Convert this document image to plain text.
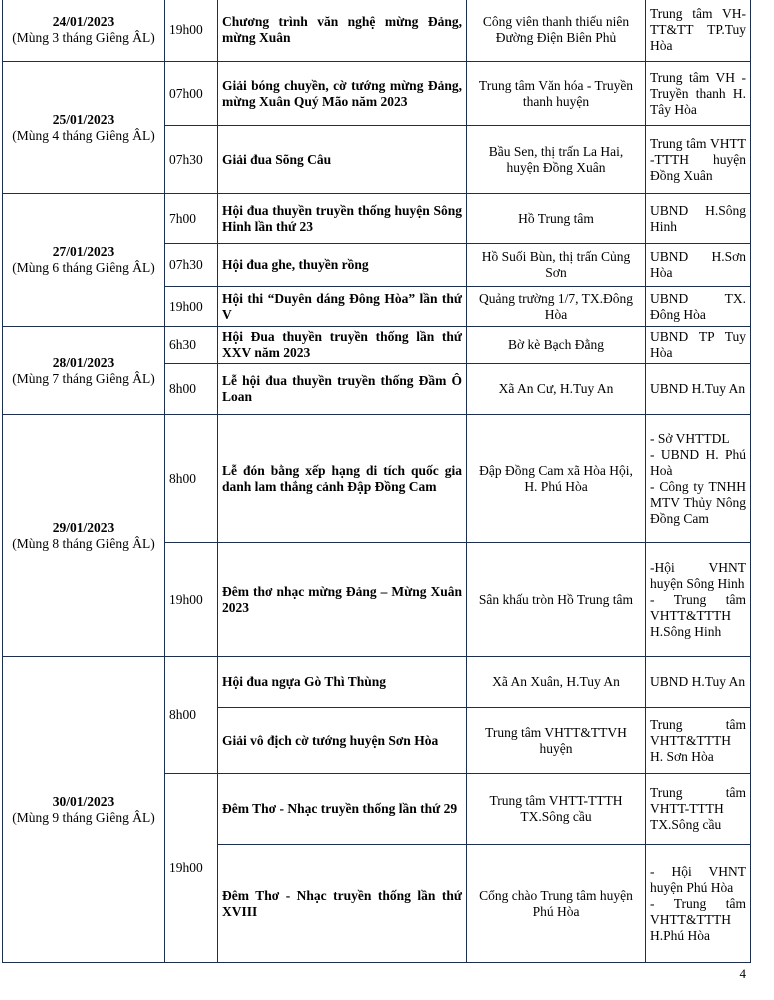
24/01/2023
(Mùng 3 tháng Giêng ÂL)	19h00	Chương trình văn nghệ mừng Đảng, mừng Xuân	Công viên thanh thiếu niên Đường Điện Biên Phủ	Trung tâm VH-TT&TT TP.Tuy Hòa

25/01/2023
(Mùng 4 tháng Giêng ÂL)	07h00	Giải bóng chuyền, cờ tướng mừng Đảng, mừng Xuân Quý Mão năm 2023	Trung tâm Văn hóa - Truyền thanh huyện	Trung tâm VH -Truyền thanh H. Tây Hòa
	07h30	Giải đua Sõng Câu	Bầu Sen, thị trấn La Hai, huyện Đồng Xuân	Trung tâm VHTT -TTTH huyện Đồng Xuân

27/01/2023
(Mùng 6 tháng Giêng ÂL)	7h00	Hội đua thuyền truyền thống huyện Sông Hinh lần thứ 23	Hồ Trung tâm	UBND H.Sông Hinh
	07h30	Hội đua ghe, thuyền rồng	Hồ Suối Bùn, thị trấn Củng Sơn	UBND H.Sơn Hòa
	19h00	Hội thi “Duyên dáng Đông Hòa” lần thứ V	Quảng trường 1/7, TX.Đông Hòa	UBND TX. Đông Hòa

28/01/2023
(Mùng 7 tháng Giêng ÂL)	6h30	Hội Đua thuyền truyền thống lần thứ XXV năm 2023	Bờ kè Bạch Đằng	UBND TP Tuy Hòa
	8h00	Lễ hội đua thuyền truyền thống Đầm Ô Loan	Xã An Cư, H.Tuy An	UBND H.Tuy An

29/01/2023
(Mùng 8 tháng Giêng ÂL)	8h00	Lễ đón bằng xếp hạng di tích quốc gia danh lam thắng cảnh Đập Đồng Cam	Đập Đồng Cam xã Hòa Hội, H. Phú Hòa	- Sở VHTTDL
- UBND H. Phú Hoà
- Công ty TNHH MTV Thủy Nông Đồng Cam
	19h00	Đêm thơ nhạc mừng Đảng – Mừng Xuân 2023	Sân khấu tròn Hồ Trung tâm	-Hội VHNT huyện Sông Hinh
- Trung tâm VHTT&TTTH H.Sông Hinh

30/01/2023
(Mùng 9 tháng Giêng ÂL)	8h00	Hội đua ngựa Gò Thì Thùng	Xã An Xuân, H.Tuy An	UBND H.Tuy An
		Giải vô địch cờ tướng huyện Sơn Hòa	Trung tâm VHTT&TTVH huyện	Trung tâm VHTT&TTTH H. Sơn Hòa
	19h00	Đêm Thơ - Nhạc truyền thống lần thứ 29	Trung tâm VHTT-TTTH TX.Sông cầu	Trung tâm VHTT-TTTH TX.Sông cầu
		Đêm Thơ - Nhạc truyền thống lần thứ XVIII	Cổng chào Trung tâm huyện Phú Hòa	- Hội VHNT huyện Phú Hòa
- Trung tâm VHTT&TTTH H.Phú Hòa
4
